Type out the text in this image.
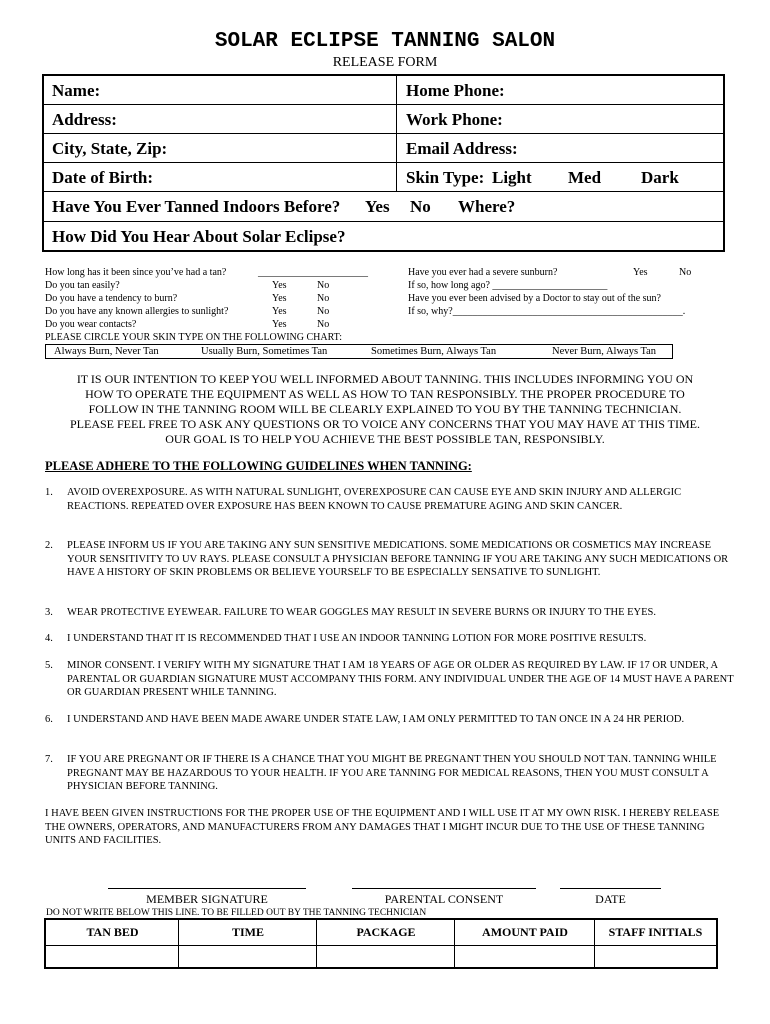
SOLAR ECLIPSE TANNING SALON
RELEASE FORM
Name:	Home Phone:
Address:	Work Phone:
City, State, Zip:	Email Address:
Date of Birth:	Skin Type: Light Med Dark
Have You Ever Tanned Indoors Before? Yes No Where?
How Did You Hear About Solar Eclipse?
How long has it been since you’ve had a tan?	______________________
Do you tan easily?	Yes	No
Do you have a tendency to burn?	Yes	No
Do you have any known allergies to sunlight?	Yes	No
Do you wear contacts?	Yes	No
Have you ever had a severe sunburn?	Yes	No
If so, how long ago? _______________________
Have you ever been advised by a Doctor to stay out of the sun?
If so, why?______________________________________________.
PLEASE CIRCLE YOUR SKIN TYPE ON THE FOLLOWING CHART:
Always Burn, Never Tan	Usually Burn, Sometimes Tan	Sometimes Burn, Always Tan	Never Burn, Always Tan
IT IS OUR INTENTION TO KEEP YOU WELL INFORMED ABOUT TANNING. THIS INCLUDES INFORMING YOU ON
HOW TO OPERATE THE EQUIPMENT AS WELL AS HOW TO TAN RESPONSIBLY. THE PROPER PROCEDURE TO
FOLLOW IN THE TANNING ROOM WILL BE CLEARLY EXPLAINED TO YOU BY THE TANNING TECHNICIAN.
PLEASE FEEL FREE TO ASK ANY QUESTIONS OR TO VOICE ANY CONCERNS THAT YOU MAY HAVE AT THIS TIME.
OUR GOAL IS TO HELP YOU ACHIEVE THE BEST POSSIBLE TAN, RESPONSIBLY.
PLEASE ADHERE TO THE FOLLOWING GUIDELINES WHEN TANNING:
1.	AVOID OVEREXPOSURE. AS WITH NATURAL SUNLIGHT, OVEREXPOSURE CAN CAUSE EYE AND SKIN INJURY AND ALLERGIC REACTIONS. REPEATED OVER EXPOSURE HAS BEEN KNOWN TO CAUSE PREMATURE AGING AND SKIN CANCER.
2.	PLEASE INFORM US IF YOU ARE TAKING ANY SUN SENSITIVE MEDICATIONS. SOME MEDICATIONS OR COSMETICS MAY INCREASE YOUR SENSITIVITY TO UV RAYS. PLEASE CONSULT A PHYSICIAN BEFORE TANNING IF YOU ARE TAKING ANY SUCH MEDICATIONS OR HAVE A HISTORY OF SKIN PROBLEMS OR BELIEVE YOURSELF TO BE ESPECIALLY SENSATIVE TO SUNLIGHT.
3.	WEAR PROTECTIVE EYEWEAR. FAILURE TO WEAR GOGGLES MAY RESULT IN SEVERE BURNS OR INJURY TO THE EYES.
4.	I UNDERSTAND THAT IT IS RECOMMENDED THAT I USE AN INDOOR TANNING LOTION FOR MORE POSITIVE RESULTS.
5.	MINOR CONSENT. I VERIFY WITH MY SIGNATURE THAT I AM 18 YEARS OF AGE OR OLDER AS REQUIRED BY LAW. IF 17 OR UNDER, A PARENTAL OR GUARDIAN SIGNATURE MUST ACCOMPANY THIS FORM. ANY INDIVIDUAL UNDER THE AGE OF 14 MUST HAVE A PARENT OR GUARDIAN PRESENT WHILE TANNING.
6.	I UNDERSTAND AND HAVE BEEN MADE AWARE UNDER STATE LAW, I AM ONLY PERMITTED TO TAN ONCE IN A 24 HR PERIOD.
7.	IF YOU ARE PREGNANT OR IF THERE IS A CHANCE THAT YOU MIGHT BE PREGNANT THEN YOU SHOULD NOT TAN. TANNING WHILE PREGNANT MAY BE HAZARDOUS TO YOUR HEALTH. IF YOU ARE TANNING FOR MEDICAL REASONS, THEN YOU MUST CONSULT A PHYSICIAN BEFORE TANNING.
I HAVE BEEN GIVEN INSTRUCTIONS FOR THE PROPER USE OF THE EQUIPMENT AND I WILL USE IT AT MY OWN RISK. I HEREBY RELEASE THE OWNERS, OPERATORS, AND MANUFACTURERS FROM ANY DAMAGES THAT I MIGHT INCUR DUE TO THE USE OF THESE TANNING UNITS AND FACILITIES.
MEMBER SIGNATURE	PARENTAL CONSENT	DATE
DO NOT WRITE BELOW THIS LINE. TO BE FILLED OUT BY THE TANNING TECHNICIAN
TAN BED	TIME	PACKAGE	AMOUNT PAID	STAFF INITIALS
